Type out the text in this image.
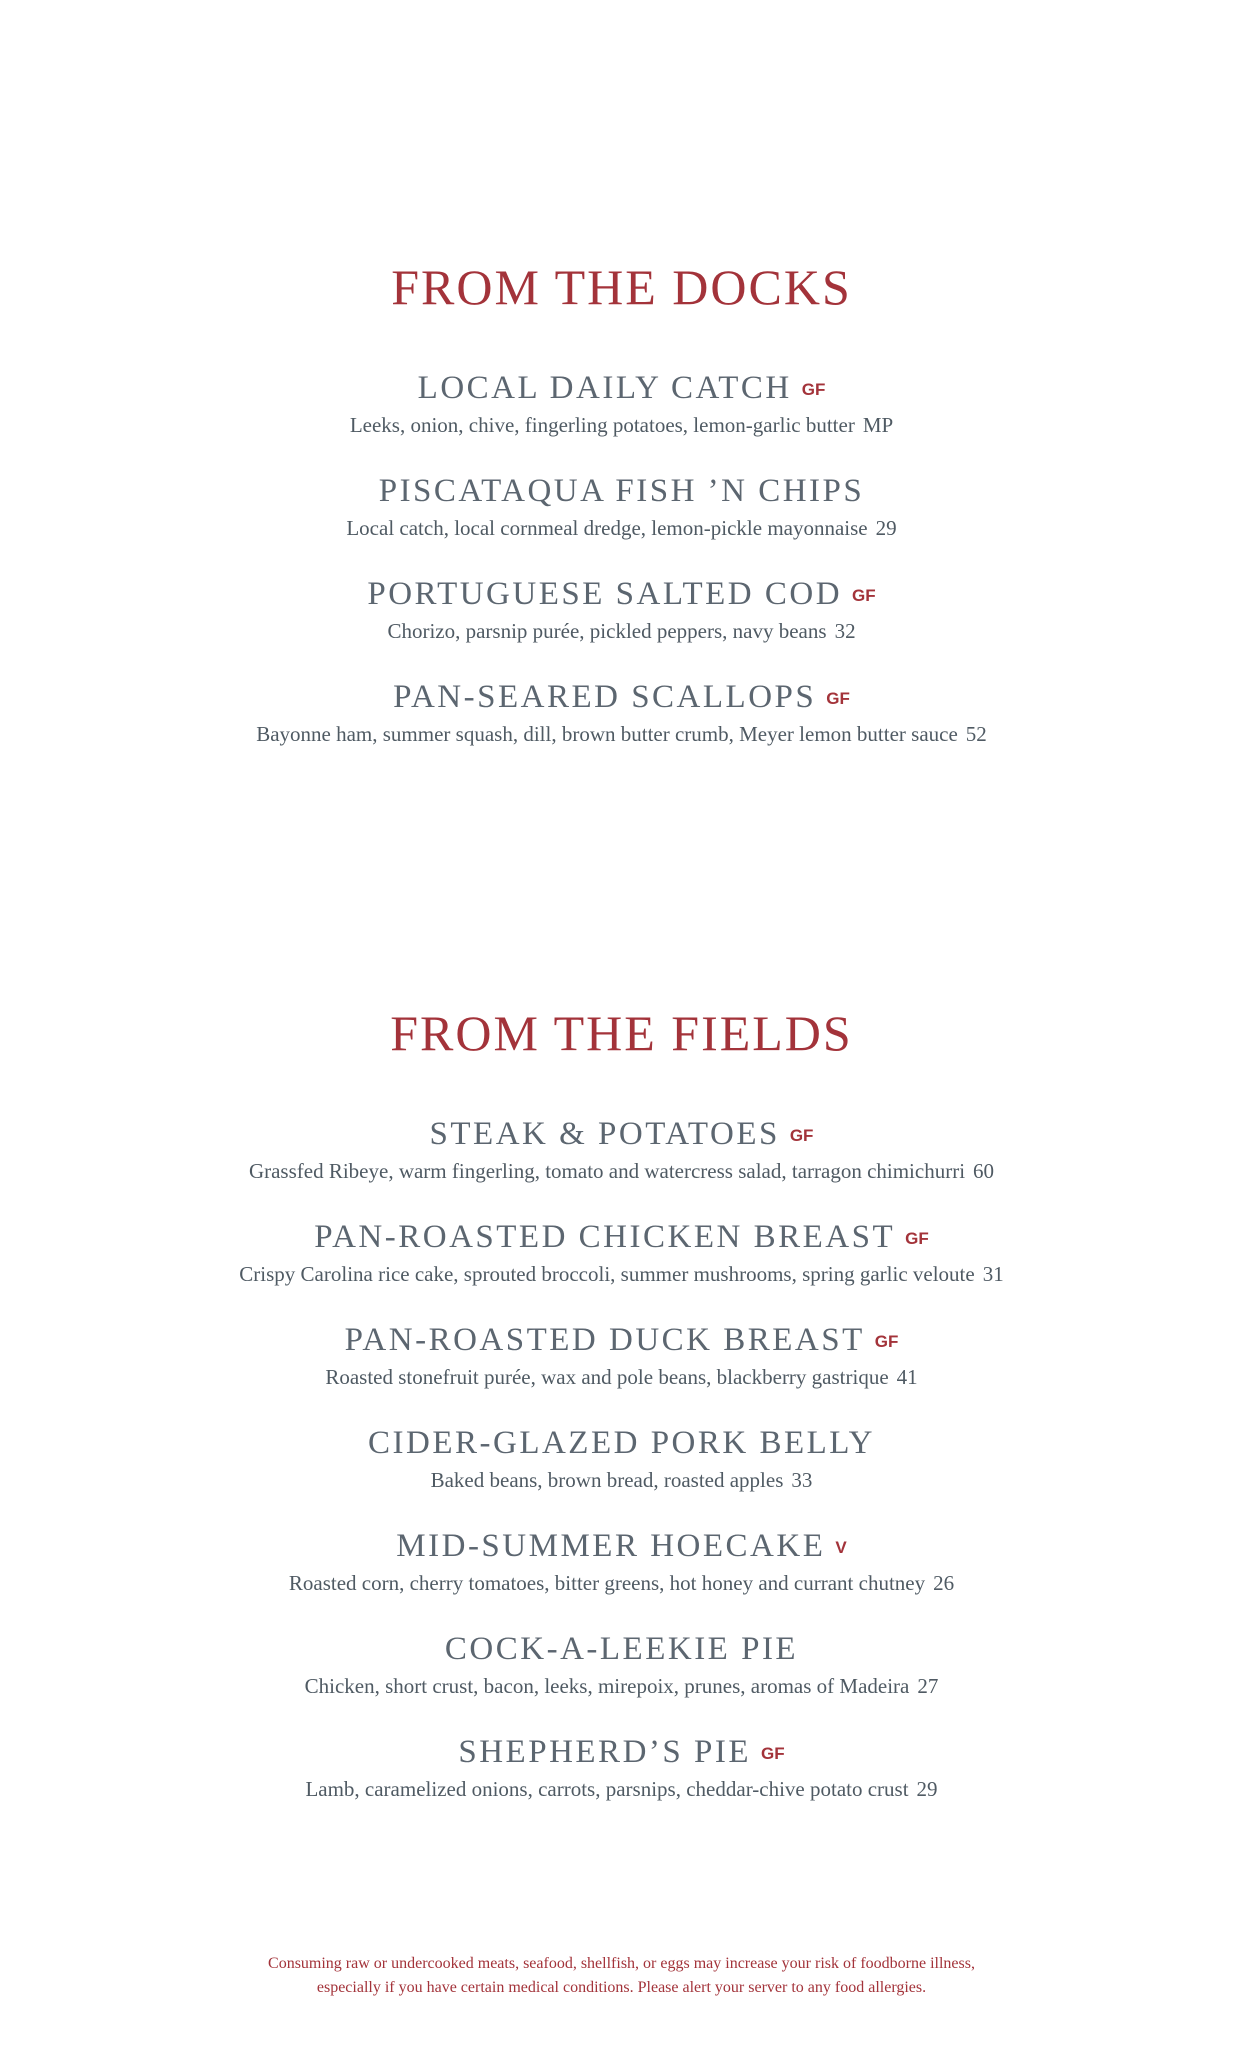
FROM THE DOCKS
LOCAL DAILY CATCH GF
Leeks, onion, chive, fingerling potatoes, lemon-garlic butter MP
PISCATAQUA FISH ’N CHIPS
Local catch, local cornmeal dredge, lemon-pickle mayonnaise 29
PORTUGUESE SALTED COD GF
Chorizo, parsnip purée, pickled peppers, navy beans 32
PAN-SEARED SCALLOPS GF
Bayonne ham, summer squash, dill, brown butter crumb, Meyer lemon butter sauce 52
FROM THE FIELDS
STEAK & POTATOES GF
Grassfed Ribeye, warm fingerling, tomato and watercress salad, tarragon chimichurri 60
PAN-ROASTED CHICKEN BREAST GF
Crispy Carolina rice cake, sprouted broccoli, summer mushrooms, spring garlic veloute 31
PAN-ROASTED DUCK BREAST GF
Roasted stonefruit purée, wax and pole beans, blackberry gastrique 41
CIDER-GLAZED PORK BELLY
Baked beans, brown bread, roasted apples 33
MID-SUMMER HOECAKE V
Roasted corn, cherry tomatoes, bitter greens, hot honey and currant chutney 26
COCK-A-LEEKIE PIE
Chicken, short crust, bacon, leeks, mirepoix, prunes, aromas of Madeira 27
SHEPHERD’S PIE GF
Lamb, caramelized onions, carrots, parsnips, cheddar-chive potato crust 29
Consuming raw or undercooked meats, seafood, shellfish, or eggs may increase your risk of foodborne illness,
especially if you have certain medical conditions. Please alert your server to any food allergies.
